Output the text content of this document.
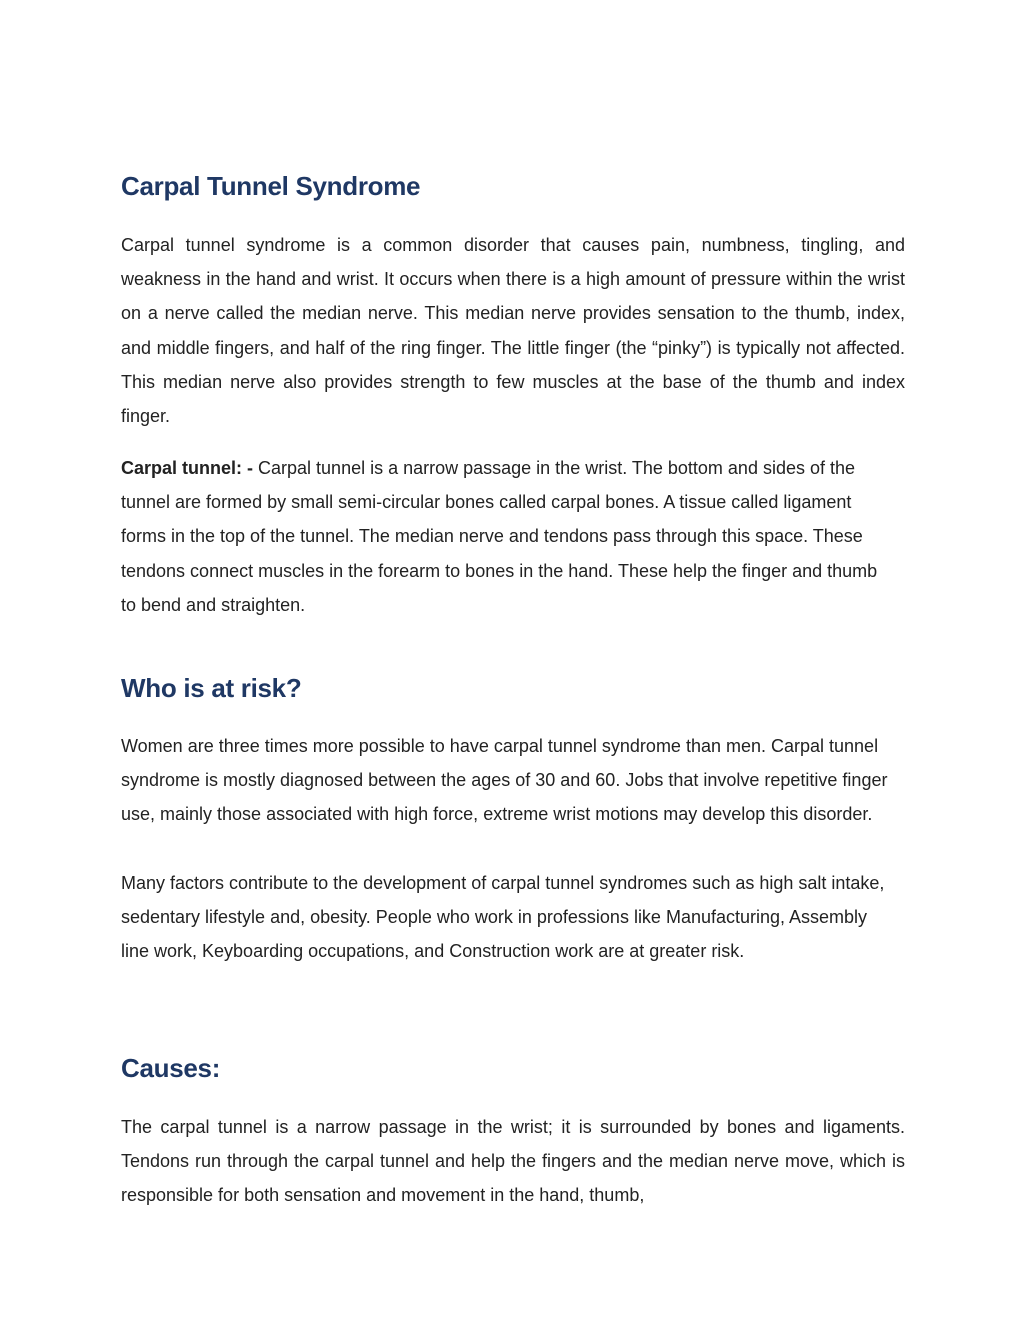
Carpal Tunnel Syndrome

Carpal tunnel syndrome is a common disorder that causes pain, numbness, tingling, and weakness in the hand and wrist. It occurs when there is a high amount of pressure within the wrist on a nerve called the median nerve. This median nerve provides sensation to the thumb, index, and middle fingers, and half of the ring finger. The little finger (the “pinky”) is typically not affected. This median nerve also provides strength to few muscles at the base of the thumb and index finger.

Carpal tunnel: - Carpal tunnel is a narrow passage in the wrist. The bottom and sides of the tunnel are formed by small semi-circular bones called carpal bones. A tissue called ligament forms in the top of the tunnel. The median nerve and tendons pass through this space. These tendons connect muscles in the forearm to bones in the hand. These help the finger and thumb to bend and straighten.

Who is at risk?

Women are three times more possible to have carpal tunnel syndrome than men. Carpal tunnel syndrome is mostly diagnosed between the ages of 30 and 60. Jobs that involve repetitive finger use, mainly those associated with high force, extreme wrist motions may develop this disorder.

Many factors contribute to the development of carpal tunnel syndromes such as high salt intake, sedentary lifestyle and, obesity. People who work in professions like Manufacturing, Assembly line work, Keyboarding occupations, and Construction work are at greater risk.

Causes:

The carpal tunnel is a narrow passage in the wrist; it is surrounded by bones and ligaments. Tendons run through the carpal tunnel and help the fingers and the median nerve move, which is responsible for both sensation and movement in the hand, thumb,
